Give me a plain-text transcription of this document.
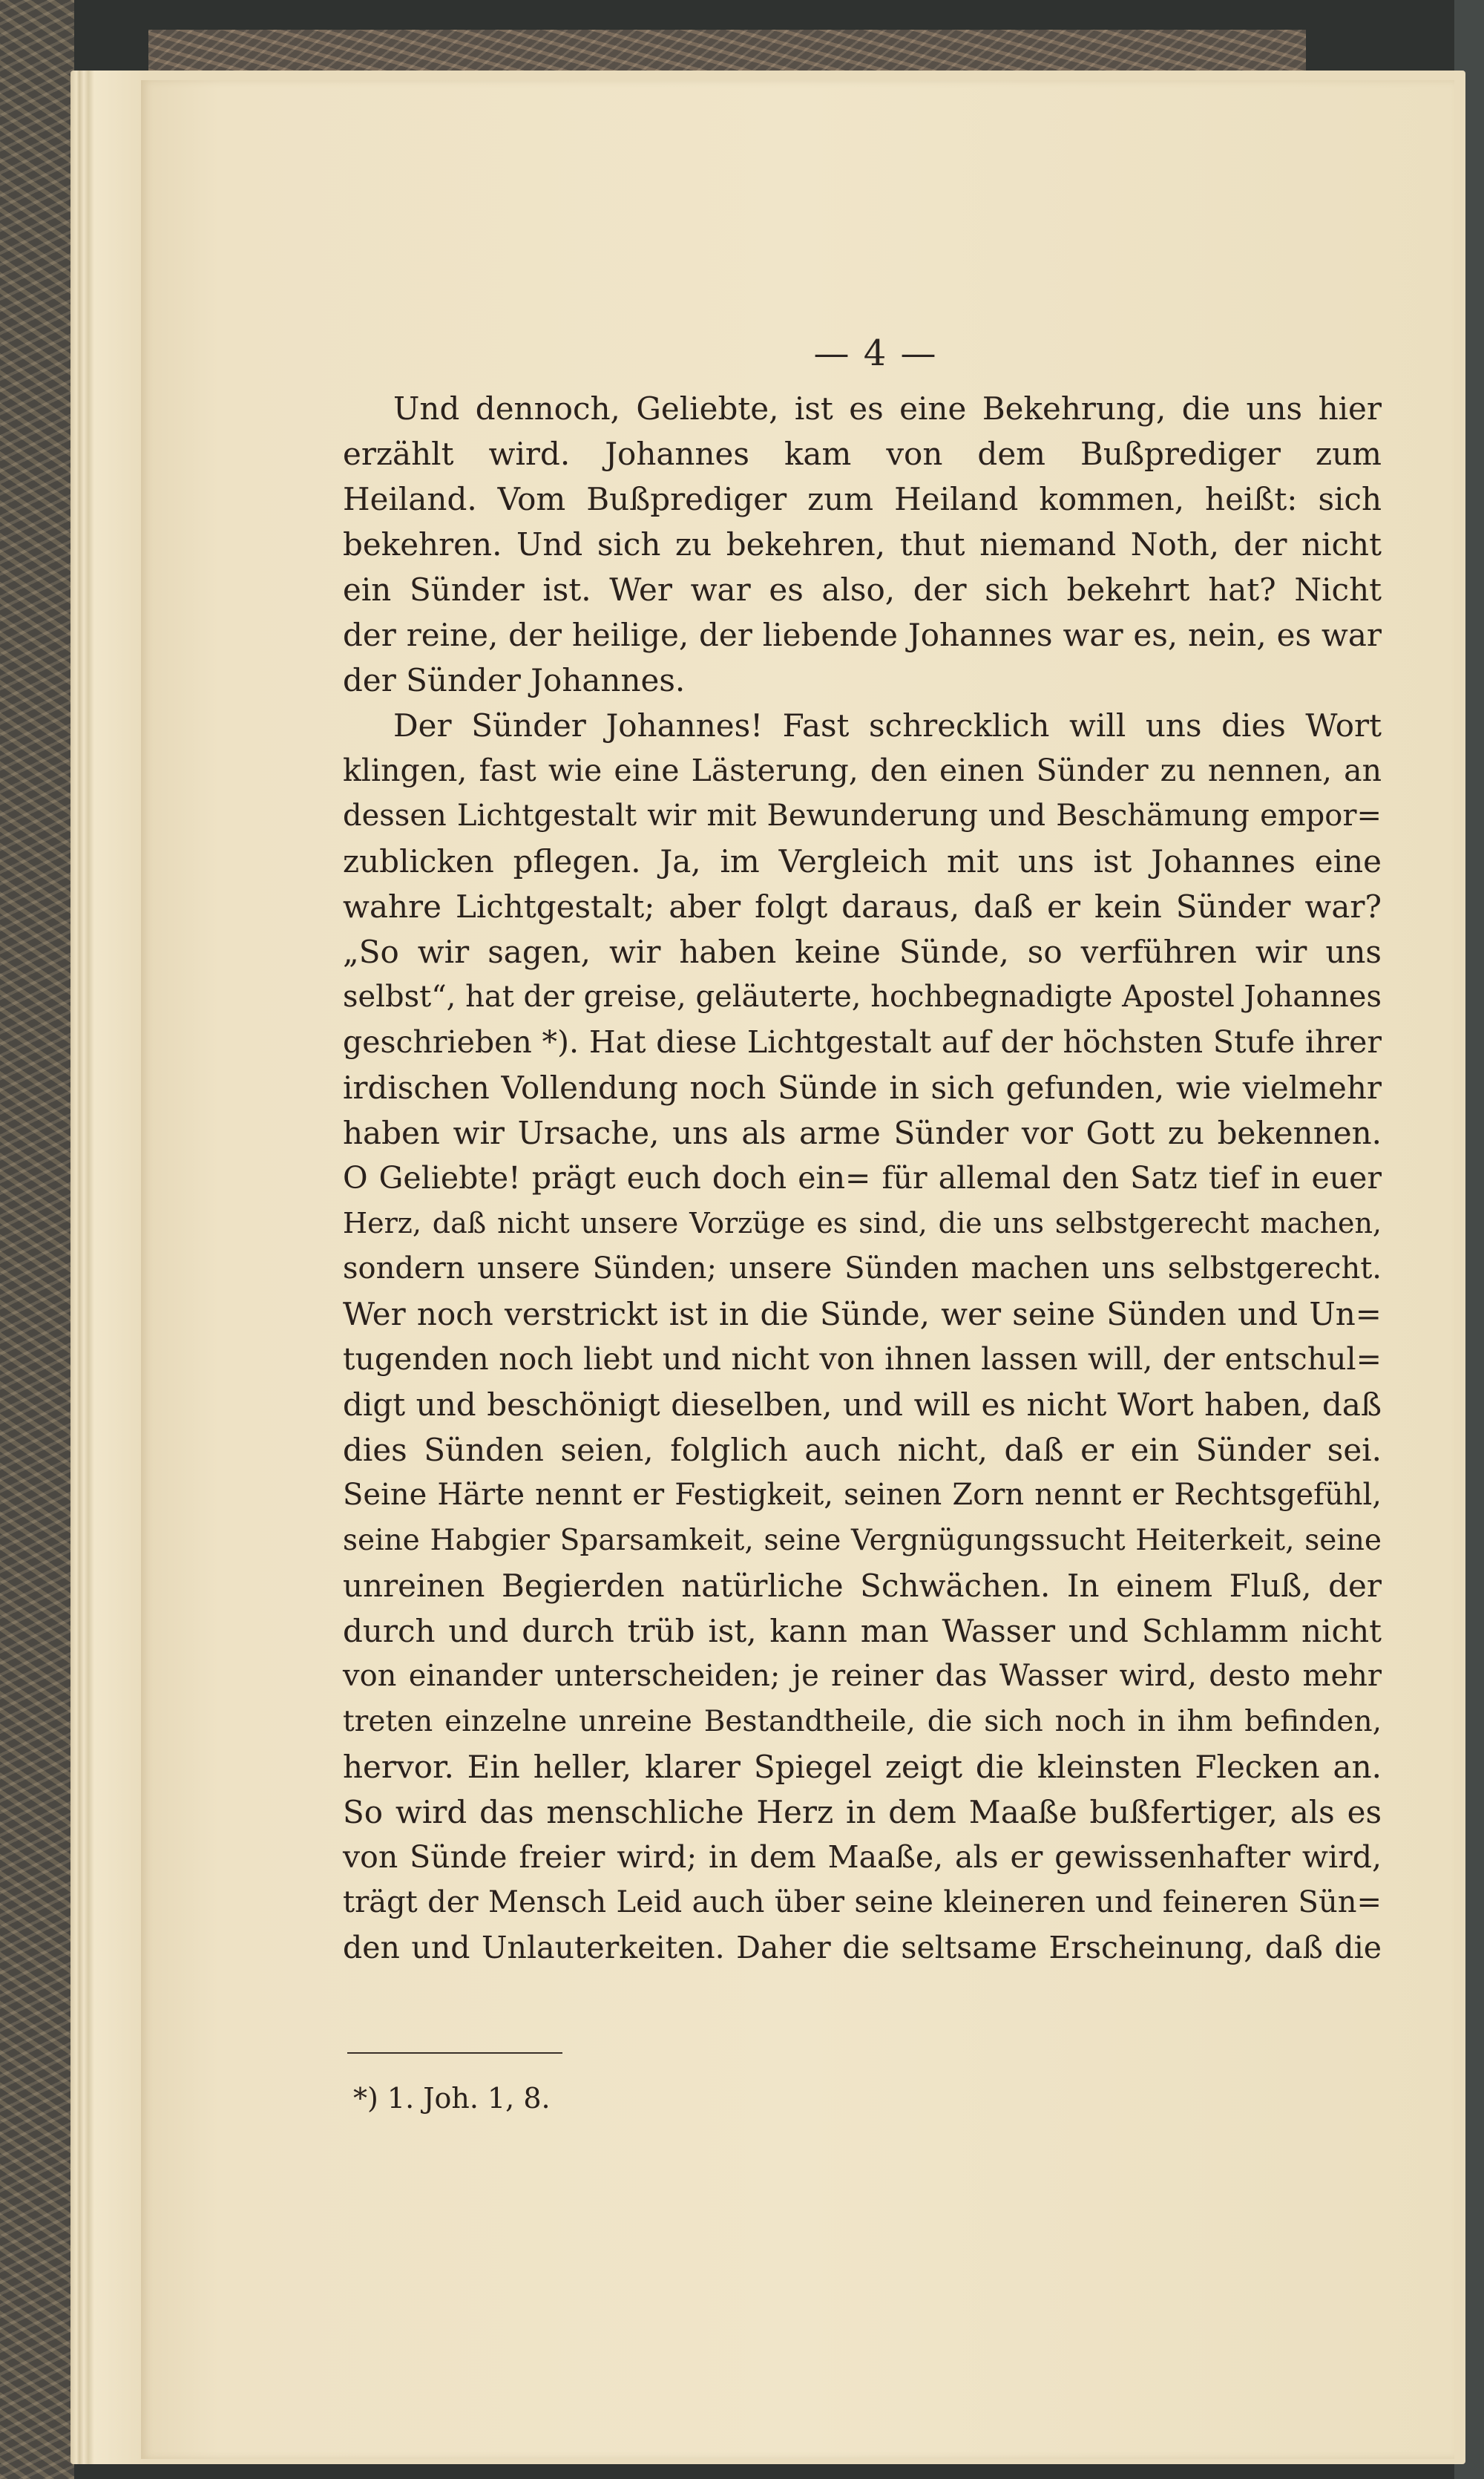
— 4 —
Und dennoch, Geliebte, ist es eine Bekehrung, die uns hier
erzählt wird. Johannes kam von dem Bußprediger zum
Heiland. Vom Bußprediger zum Heiland kommen, heißt: sich
bekehren. Und sich zu bekehren, thut niemand Noth, der nicht
ein Sünder ist. Wer war es also, der sich bekehrt hat? Nicht
der reine, der heilige, der liebende Johannes war es, nein, es war
der Sünder Johannes.
Der Sünder Johannes! Fast schrecklich will uns dies Wort
klingen, fast wie eine Lästerung, den einen Sünder zu nennen, an
dessen Lichtgestalt wir mit Bewunderung und Beschämung empor=
zublicken pflegen. Ja, im Vergleich mit uns ist Johannes eine
wahre Lichtgestalt; aber folgt daraus, daß er kein Sünder war?
„So wir sagen, wir haben keine Sünde, so verführen wir uns
selbst“, hat der greise, geläuterte, hochbegnadigte Apostel Johannes
geschrieben *). Hat diese Lichtgestalt auf der höchsten Stufe ihrer
irdischen Vollendung noch Sünde in sich gefunden, wie vielmehr
haben wir Ursache, uns als arme Sünder vor Gott zu bekennen.
O Geliebte! prägt euch doch ein= für allemal den Satz tief in euer
Herz, daß nicht unsere Vorzüge es sind, die uns selbstgerecht machen,
sondern unsere Sünden; unsere Sünden machen uns selbstgerecht.
Wer noch verstrickt ist in die Sünde, wer seine Sünden und Un=
tugenden noch liebt und nicht von ihnen lassen will, der entschul=
digt und beschönigt dieselben, und will es nicht Wort haben, daß
dies Sünden seien, folglich auch nicht, daß er ein Sünder sei.
Seine Härte nennt er Festigkeit, seinen Zorn nennt er Rechtsgefühl,
seine Habgier Sparsamkeit, seine Vergnügungssucht Heiterkeit, seine
unreinen Begierden natürliche Schwächen. In einem Fluß, der
durch und durch trüb ist, kann man Wasser und Schlamm nicht
von einander unterscheiden; je reiner das Wasser wird, desto mehr
treten einzelne unreine Bestandtheile, die sich noch in ihm befinden,
hervor. Ein heller, klarer Spiegel zeigt die kleinsten Flecken an.
So wird das menschliche Herz in dem Maaße bußfertiger, als es
von Sünde freier wird; in dem Maaße, als er gewissenhafter wird,
trägt der Mensch Leid auch über seine kleineren und feineren Sün=
den und Unlauterkeiten. Daher die seltsame Erscheinung, daß die
*) 1. Joh. 1, 8.
